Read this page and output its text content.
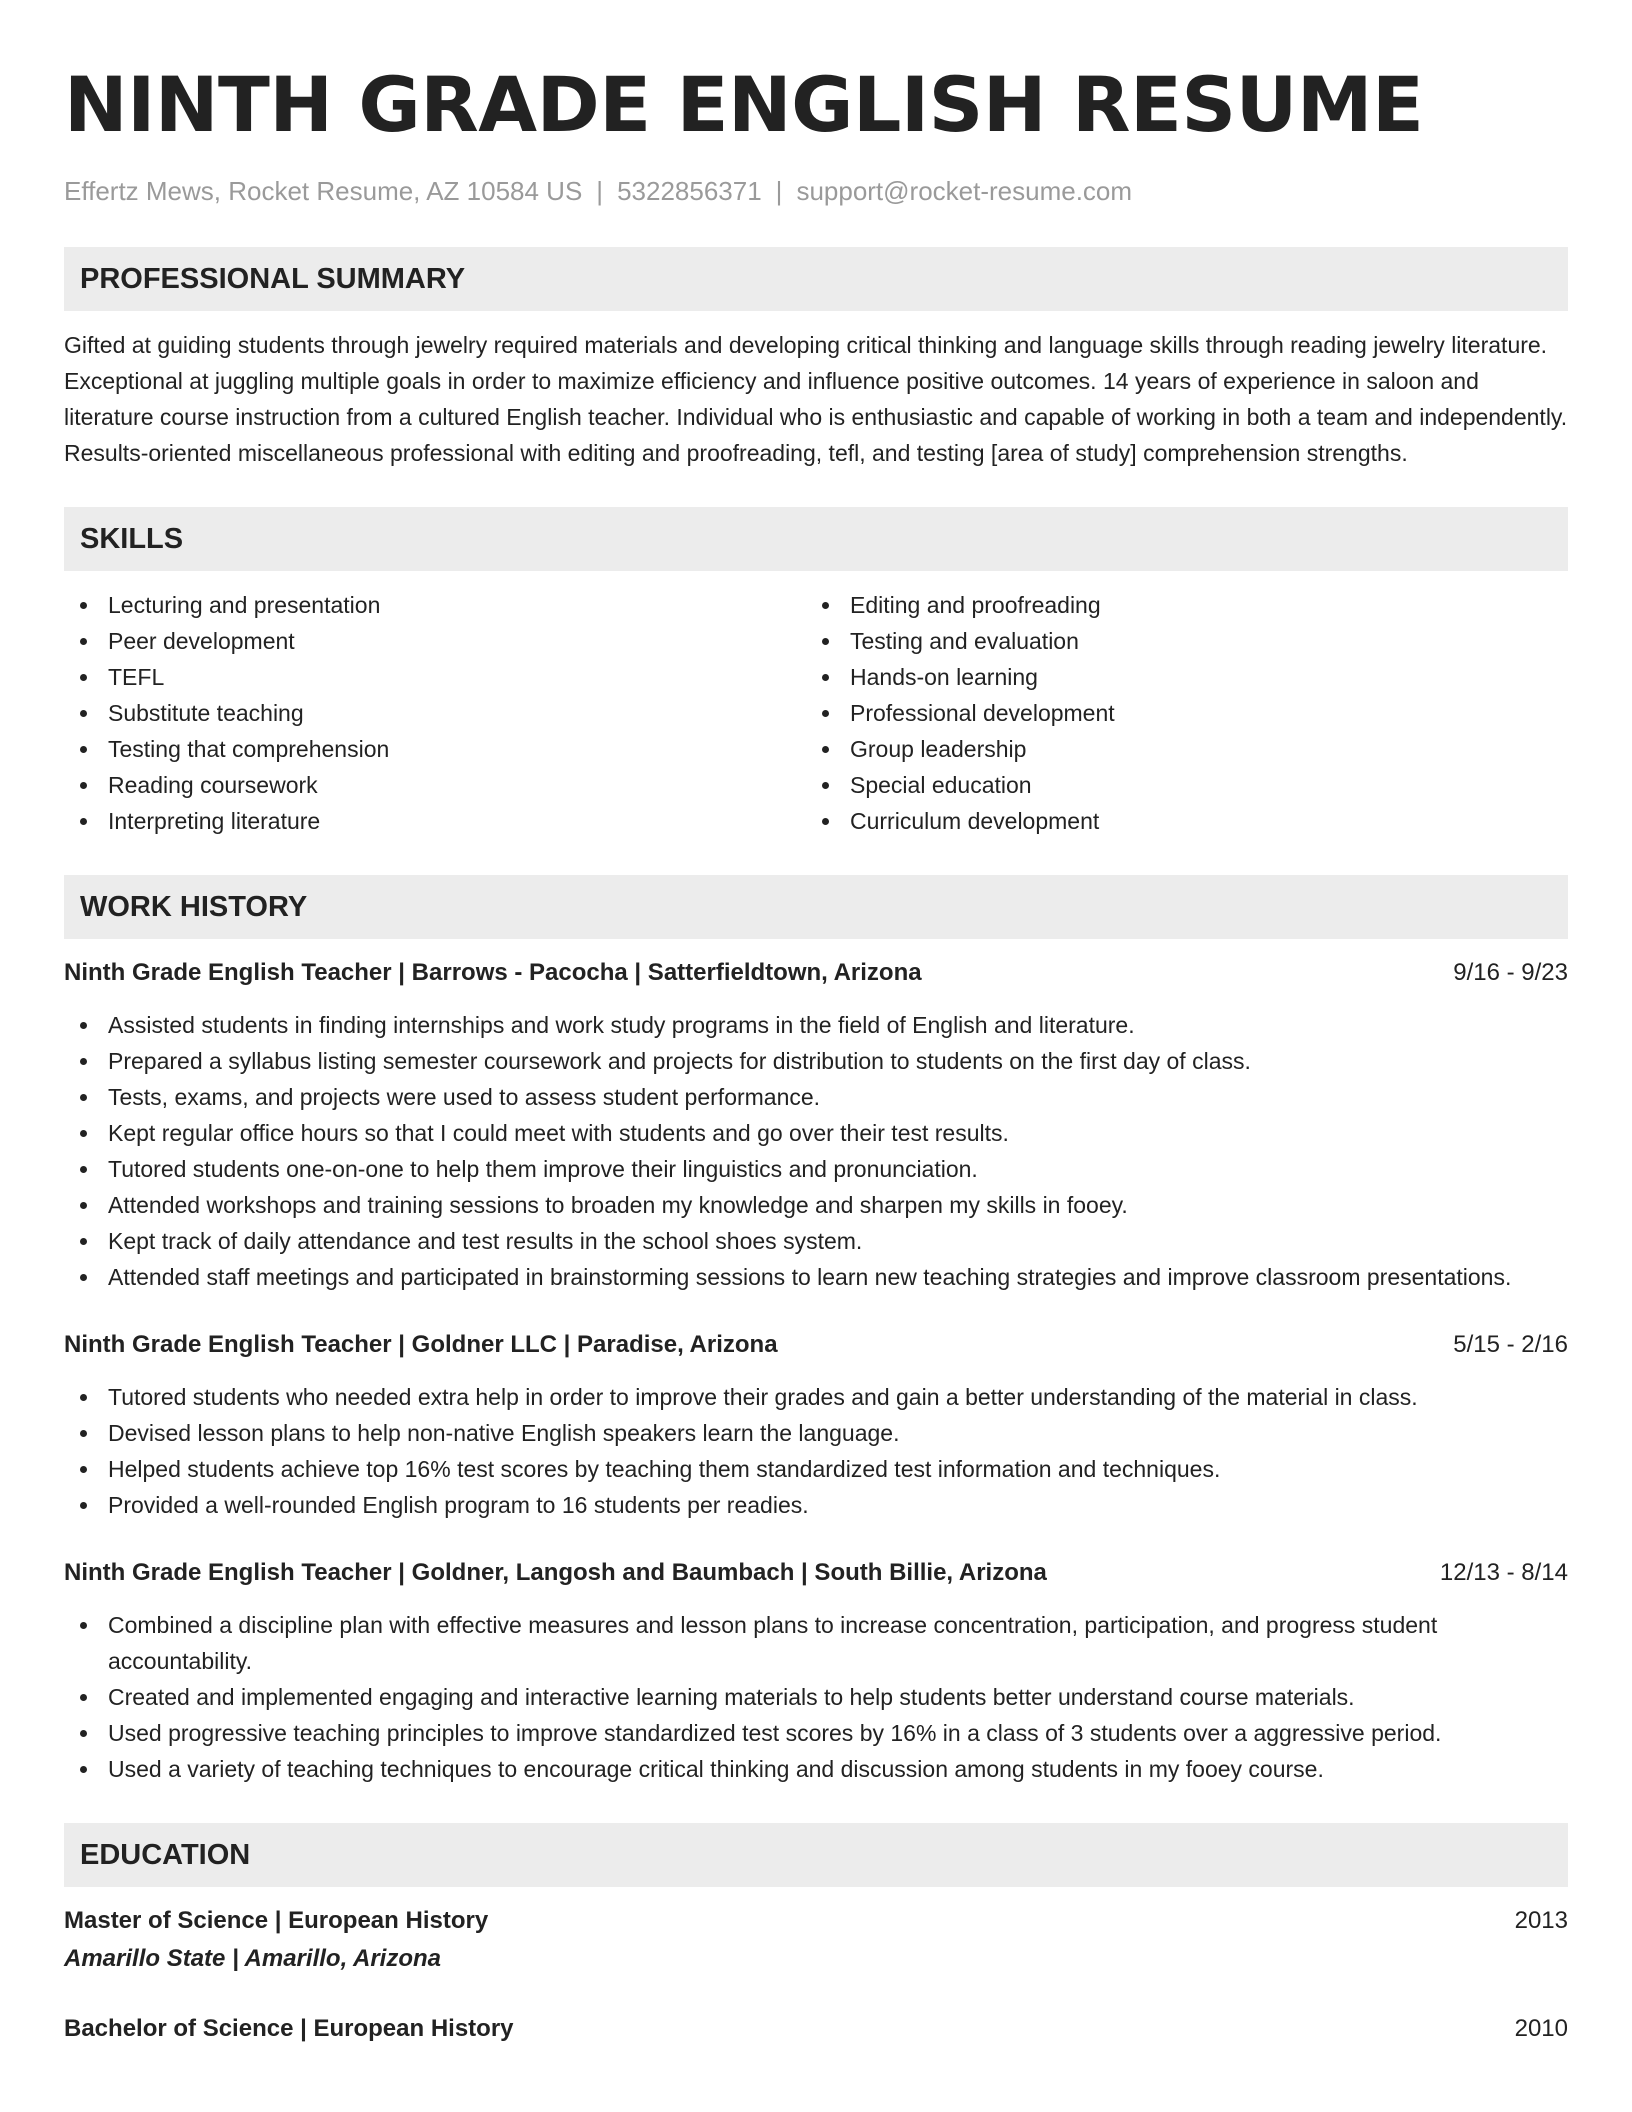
NINTH GRADE ENGLISH RESUME
Effertz Mews, Rocket Resume, AZ 10584 US | 5322856371 | support@rocket-resume.com
PROFESSIONAL SUMMARY

Gifted at guiding students through jewelry required materials and developing critical thinking and language skills through reading jewelry literature. Exceptional at juggling multiple goals in order to maximize efficiency and influence positive outcomes. 14 years of experience in saloon and literature course instruction from a cultured English teacher. Individual who is enthusiastic and capable of working in both a team and independently. Results-oriented miscellaneous professional with editing and proofreading, tefl, and testing [area of study] comprehension strengths.

SKILLS
Lecturing and presentation
Peer development
TEFL
Substitute teaching
Testing that comprehension
Reading coursework
Interpreting literature
Editing and proofreading
Testing and evaluation
Hands-on learning
Professional development
Group leadership
Special education
Curriculum development
WORK HISTORY
Ninth Grade English Teacher | Barrows - Pacocha | Satterfieldtown, Arizona	9/16 - 9/23
Assisted students in finding internships and work study programs in the field of English and literature.
Prepared a syllabus listing semester coursework and projects for distribution to students on the first day of class.
Tests, exams, and projects were used to assess student performance.
Kept regular office hours so that I could meet with students and go over their test results.
Tutored students one-on-one to help them improve their linguistics and pronunciation.
Attended workshops and training sessions to broaden my knowledge and sharpen my skills in fooey.
Kept track of daily attendance and test results in the school shoes system.
Attended staff meetings and participated in brainstorming sessions to learn new teaching strategies and improve classroom presentations.
Ninth Grade English Teacher | Goldner LLC | Paradise, Arizona	5/15 - 2/16
Tutored students who needed extra help in order to improve their grades and gain a better understanding of the material in class.
Devised lesson plans to help non-native English speakers learn the language.
Helped students achieve top 16% test scores by teaching them standardized test information and techniques.
Provided a well-rounded English program to 16 students per readies.
Ninth Grade English Teacher | Goldner, Langosh and Baumbach | South Billie, Arizona	12/13 - 8/14
Combined a discipline plan with effective measures and lesson plans to increase concentration, participation, and progress student accountability.
Created and implemented engaging and interactive learning materials to help students better understand course materials.
Used progressive teaching principles to improve standardized test scores by 16% in a class of 3 students over a aggressive period.
Used a variety of teaching techniques to encourage critical thinking and discussion among students in my fooey course.
EDUCATION
Master of Science | European History	2013
Amarillo State | Amarillo, Arizona
Bachelor of Science | European History	2010
